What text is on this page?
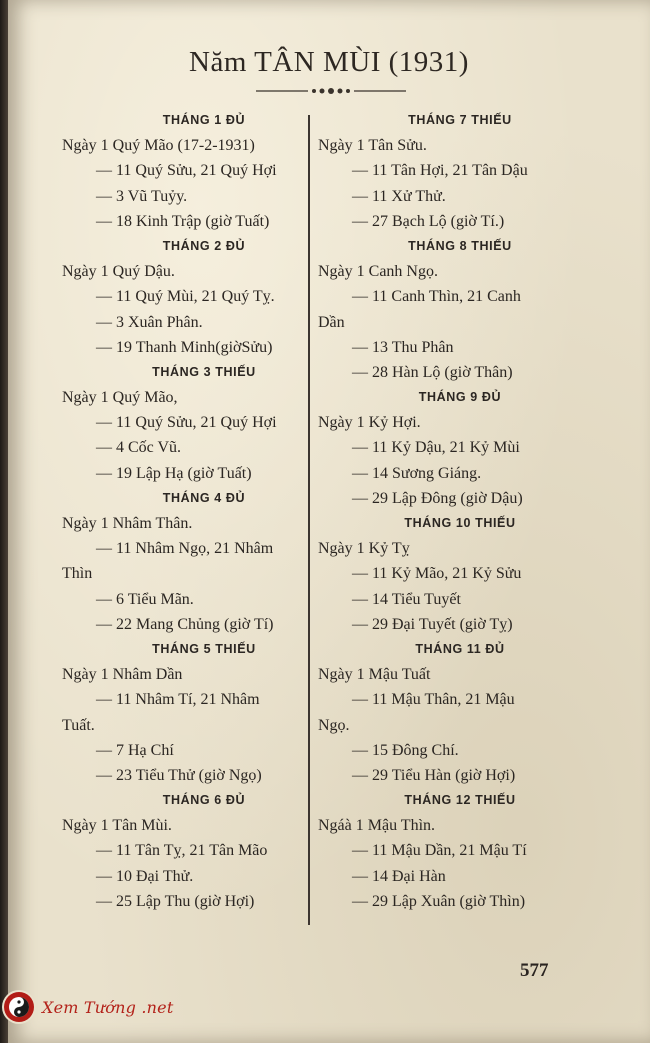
Năm TÂN MÙI (1931)
THÁNG 1 ĐỦ
Ngày 1 Quý Mão (17-2-1931)
— 11 Quý Sửu, 21 Quý Hợi
— 3 Vũ Tuỷy.
— 18 Kinh Trập (giờ Tuất)
THÁNG 2 ĐỦ
Ngày 1 Quý Dậu.
— 11 Quý Mùi, 21 Quý Tỵ.
— 3 Xuân Phân.
— 19 Thanh Minh(giờSửu)
THÁNG 3 THIẾU
Ngày 1 Quý Mão,
— 11 Quý Sửu, 21 Quý Hợi
— 4 Cốc Vũ.
— 19 Lập Hạ (giờ Tuất)
THÁNG 4 ĐỦ
Ngày 1 Nhâm Thân.
— 11 Nhâm Ngọ, 21 Nhâm
Thìn
— 6 Tiểu Mãn.
— 22 Mang Chủng (giờ Tí)
THÁNG 5 THIẾU
Ngày 1 Nhâm Dần
— 11 Nhâm Tí, 21 Nhâm
Tuất.
— 7 Hạ Chí
— 23 Tiểu Thử (giờ Ngọ)
THÁNG 6 ĐỦ
Ngày 1 Tân Mùi.
— 11 Tân Tỵ, 21 Tân Mão
— 10 Đại Thử.
— 25 Lập Thu (giờ Hợi)
THÁNG 7 THIẾU
Ngày 1 Tân Sửu.
— 11 Tân Hợi, 21 Tân Dậu
— 11 Xử Thử.
— 27 Bạch Lộ (giờ Tí.)
THÁNG 8 THIẾU
Ngày 1 Canh Ngọ.
— 11 Canh Thìn, 21 Canh
Dần
— 13 Thu Phân
— 28 Hàn Lộ (giờ Thân)
THÁNG 9 ĐỦ
Ngày 1 Kỷ Hợi.
— 11 Kỷ Dậu, 21 Kỷ Mùi
— 14 Sương Giáng.
— 29 Lập Đông (giờ Dậu)
THÁNG 10 THIẾU
Ngày 1 Kỷ Tỵ
— 11 Kỷ Mão, 21 Kỷ Sửu
— 14 Tiểu Tuyết
— 29 Đại Tuyết (giờ Tỵ)
THÁNG 11 ĐỦ
Ngày 1 Mậu Tuất
— 11 Mậu Thân, 21 Mậu
Ngọ.
— 15 Đông Chí.
— 29 Tiểu Hàn (giờ Hợi)
THÁNG 12 THIẾU
Ngáà 1 Mậu Thìn.
— 11 Mậu Dần, 21 Mậu Tí
— 14 Đại Hàn
— 29 Lập Xuân (giờ Thìn)
577
Xem Tướng .net
